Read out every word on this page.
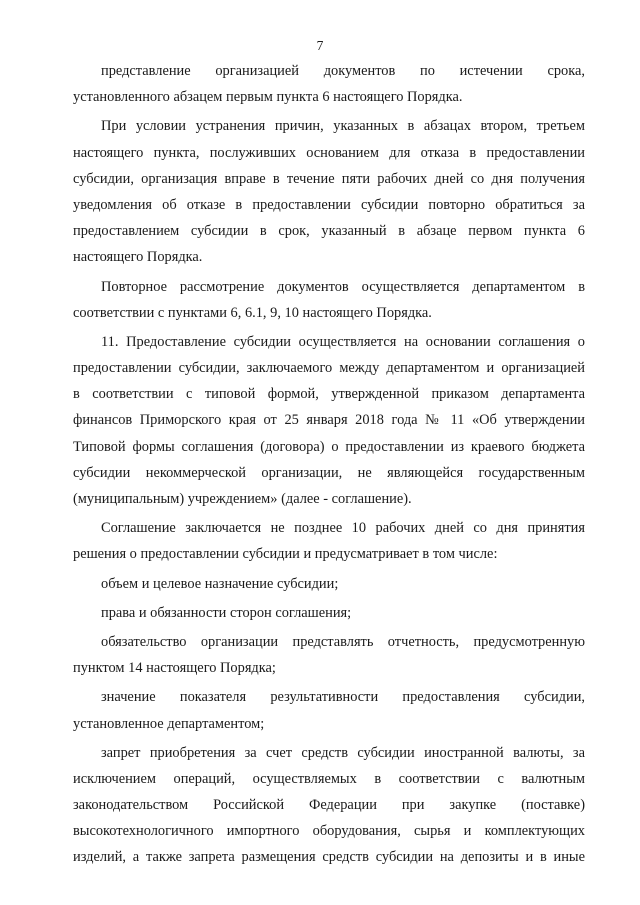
7
представление организацией документов по истечении срока,
установленного абзацем первым пункта 6 настоящего Порядка.
При условии устранения причин, указанных в абзацах втором, третьем
настоящего пункта, послуживших основанием для отказа в предоставлении
субсидии, организация вправе в течение пяти рабочих дней со дня получения
уведомления об отказе в предоставлении субсидии повторно обратиться за
предоставлением субсидии в срок, указанный в абзаце первом пункта 6
настоящего Порядка.
Повторное рассмотрение документов осуществляется департаментом в
соответствии с пунктами 6, 6.1, 9, 10 настоящего Порядка.
11. Предоставление субсидии осуществляется на основании соглашения о
предоставлении субсидии, заключаемого между департаментом и организацией
в соответствии с типовой формой, утвержденной приказом департамента
финансов Приморского края от 25 января 2018 года № 11 «Об утверждении
Типовой формы соглашения (договора) о предоставлении из краевого бюджета
субсидии некоммерческой организации, не являющейся государственным
(муниципальным) учреждением» (далее - соглашение).
Соглашение заключается не позднее 10 рабочих дней со дня принятия
решения о предоставлении субсидии и предусматривает в том числе:
объем и целевое назначение субсидии;
права и обязанности сторон соглашения;
обязательство организации представлять отчетность, предусмотренную
пунктом 14 настоящего Порядка;
значение показателя результативности предоставления субсидии,
установленное департаментом;
запрет приобретения за счет средств субсидии иностранной валюты, за
исключением операций, осуществляемых в соответствии с валютным
законодательством Российской Федерации при закупке (поставке)
высокотехнологичного импортного оборудования, сырья и комплектующих
изделий, а также запрета размещения средств субсидии на депозиты и в иные
